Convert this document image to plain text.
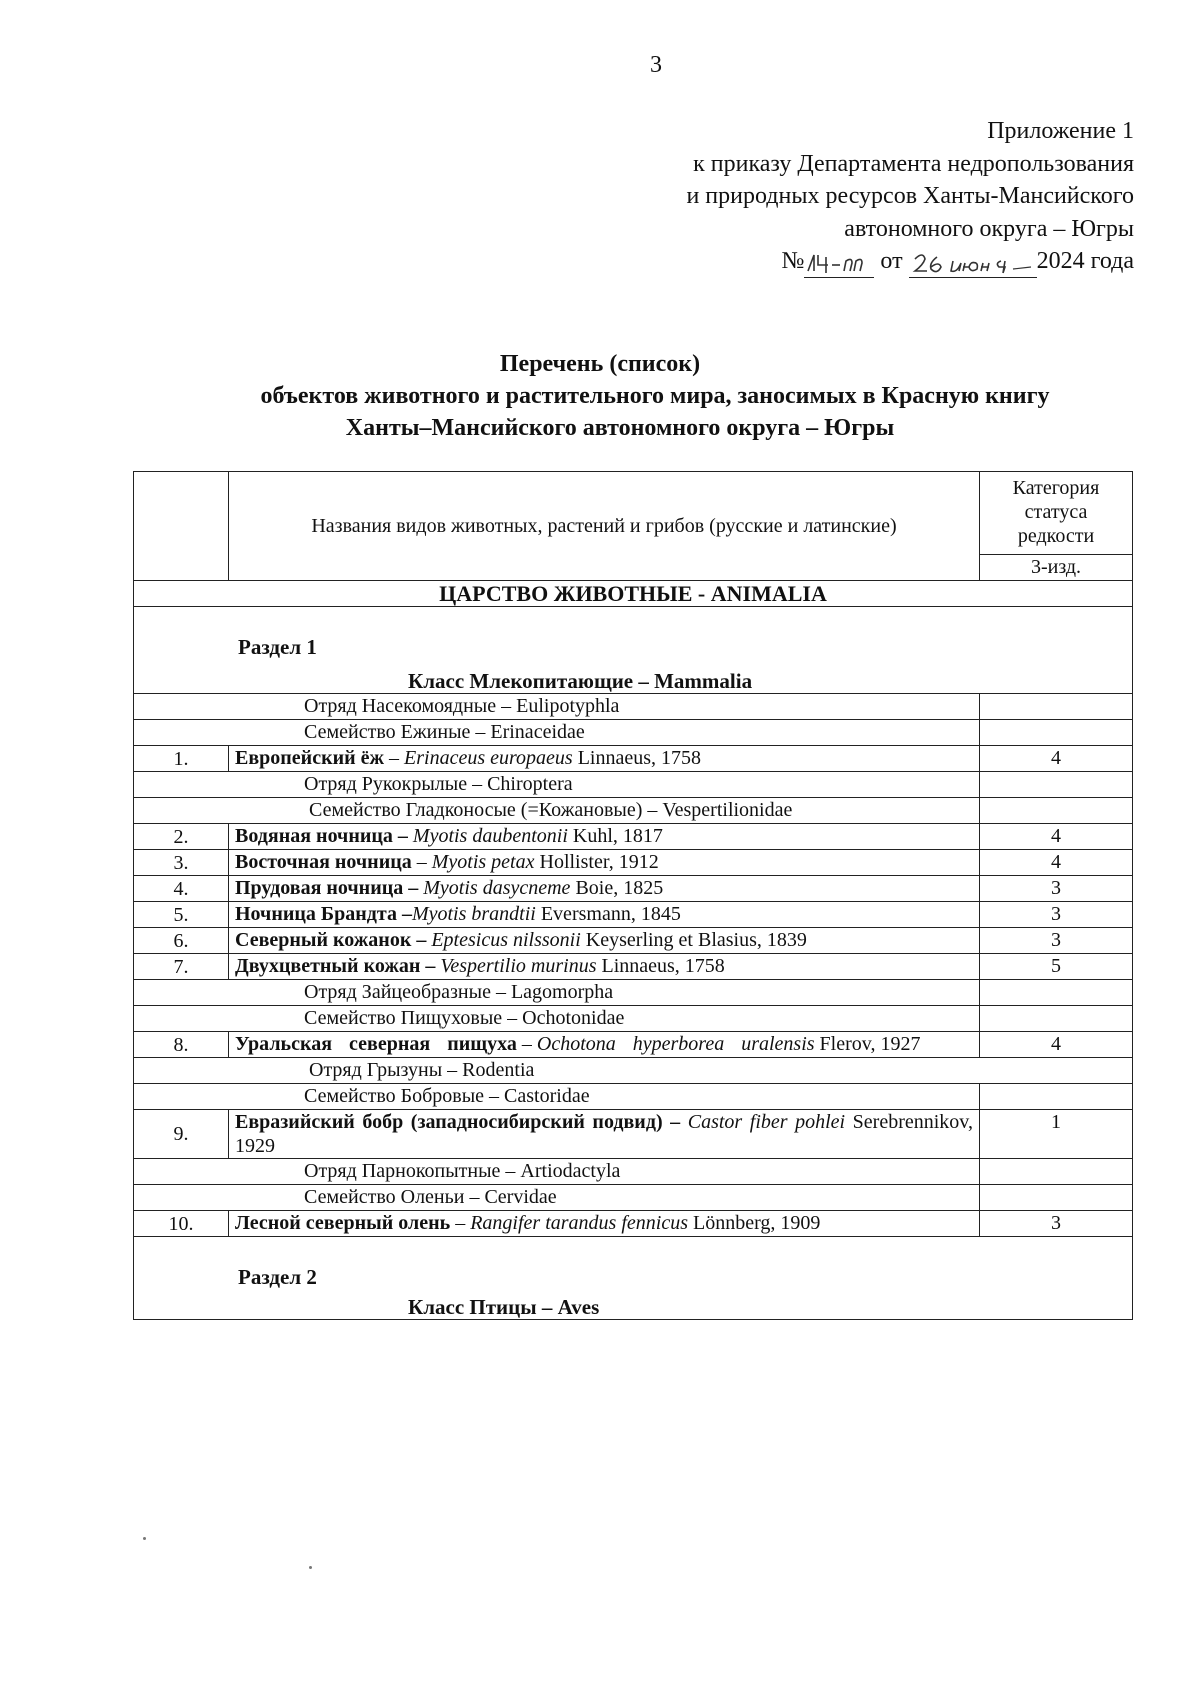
3
Приложение 1
к приказу Департамента недропользования
и природных ресурсов Ханты-Мансийского
автономного округа – Югры
№	от	2024 года
Перечень (список)
объектов животного и растительного мира, заносимых в Красную книгу
Ханты–Мансийского автономного округа – Югры
	Названия видов животных, растений и грибов (русские и латинские)	Категория статуса редкости
		3-изд.
ЦАРСТВО ЖИВОТНЫЕ - ANIMALIA		

Раздел 1
Класс Млекопитающие – Mammalia		

Отряд Насекомоядные – Eulipotyphla		
Семейство Ежиные – Erinaceidae		
1.	Европейский ёж – Erinaceus europaeus Linnaeus, 1758	4
Отряд Рукокрылые – Chiroptera		
Семейство Гладконосые (=Кожановые) – Vespertilionidae		
2.	Водяная ночница – Myotis daubentonii Kuhl, 1817	4
3.	Восточная ночница – Myotis petax Hollister, 1912	4
4.	Прудовая ночница – Myotis dasycneme Boie, 1825	3
5.	Ночница Брандта –Myotis brandtii Eversmann, 1845	3
6.	Северный кожанок – Eptesicus nilssonii Keyserling et Blasius, 1839	3
7.	Двухцветный кожан – Vespertilio murinus Linnaeus, 1758	5
Отряд Зайцеобразные – Lagomorpha		
Семейство Пищуховые – Ochotonidae		
8.	Уральская северная пищуха – Ochotona hyperborea uralensis Flerov, 1927	4
Отряд Грызуны – Rodentia		
Семейство Бобровые – Castoridae		
9.	Евразийский бобр (западносибирский подвид) – Castor fiber pohlei Serebrennikov, 1929	1
Отряд Парнокопытные – Artiodactyla		
Семейство Оленьи – Cervidae		
10.	Лесной северный олень – Rangifer tarandus fennicus Lönnberg, 1909	3

Раздел 2
Класс Птицы – Aves		
